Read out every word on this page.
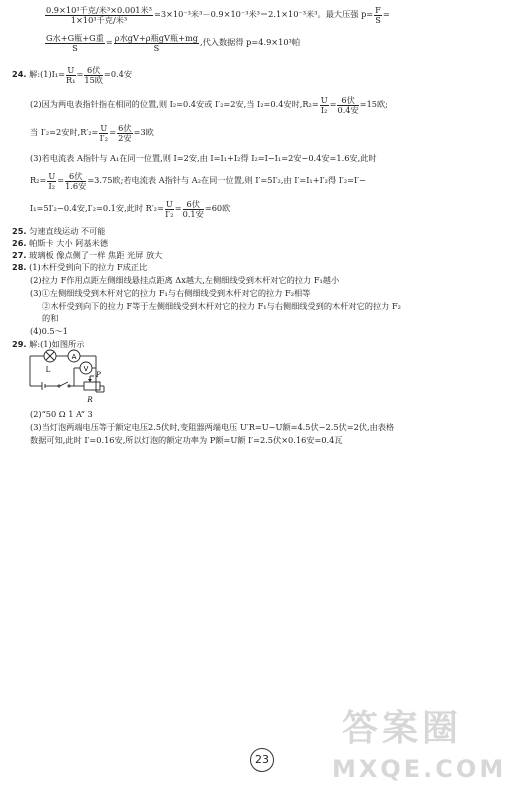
$\frac{\text{0.9×10³千克/米³×0.001米³}}{\text{1×10³千克/米³}} =3\times 10^{-3}$米³－0.9×10⁻³米³＝2.1×10⁻³米³。最大压强 $p= \frac{F}{S}$ =
$\frac{\text{G水+G瓶+G重}}{S} = \frac{\text{ρ水gV+ρ瓶gV瓶+mg}}{S}$ ,代入数据得 p=4.9×10³帕
24. 解:(1)I₁= $\frac{U}{\text{R₁}} = \frac{\text{6伏}}{\text{15欧}} =0.4$安
(2)因为两电表指针指在相同的位置,则 I₂=0.4安或 I′₂=2安,当 I₂=0.4安时$,R_2= \frac{U}{\text{I₂}} = \frac{\text{6伏}}{\text{0.4安}} =15$欧;
当 I′₂=2安时$,R'_2= \frac{U}{\text{I′₂}} = \frac{\text{6伏}}{\text{2安}} =3$欧
(3)若电流表 A指针与 A₁在同一位置,则 I=2安,由 I=I₁+I₂得 I₂=I−I₁=2安−0.4安=1.6安,此时
$R_2= \frac{U}{\text{I₂}} = \frac{\text{6伏}}{\text{1.6安}} =3.75$欧;若电流表 A指针与 A₂在同一位置,则 I′=5I′₂,由 I′=I₁+I′₂得 I′₂=I′−
I₁=5I′₂−0.4安,I′₂=0.1安,此时 $R'_2= \frac{U}{\text{I′₂}} = \frac{\text{6伏}}{\text{0.1安}} =60$欧
25. 匀速直线运动 不可能
26. 帕斯卡 大小 阿基米德
27. 玻璃板 像点侧了一样 焦距 光屏 放大
28. (1)木杆受到向下的拉力 F成正比
(2)拉力 F作用点距左侧细线悬挂点距离 Δx越大,左侧细线受到木杆对它的拉力 F₁越小
(3)①左侧细线受到木杆对它的拉力 F₁与右侧细线受到木杆对它的拉力 F₂相等
②木杆受到向下的拉力 F等于左侧细线受到木杆对它的拉力 F₁与右侧细线受到的木杆对它的拉力 F₂
的和
(4)0.5～1
29. 解:(1)如图所示
A
V
L
P
R
(2)“50 Ω 1 A” 3
(3)当灯泡两端电压等于额定电压2.5伏时,变阻器两端电压 U′R=U−U额=4.5伏−2.5伏=2伏,由表格
数据可知,此时 I′=0.16安,所以灯泡的额定功率为 P额=U额 I′=2.5伏×0.16安=0.4瓦
答案圈
MXQE.COM
23
